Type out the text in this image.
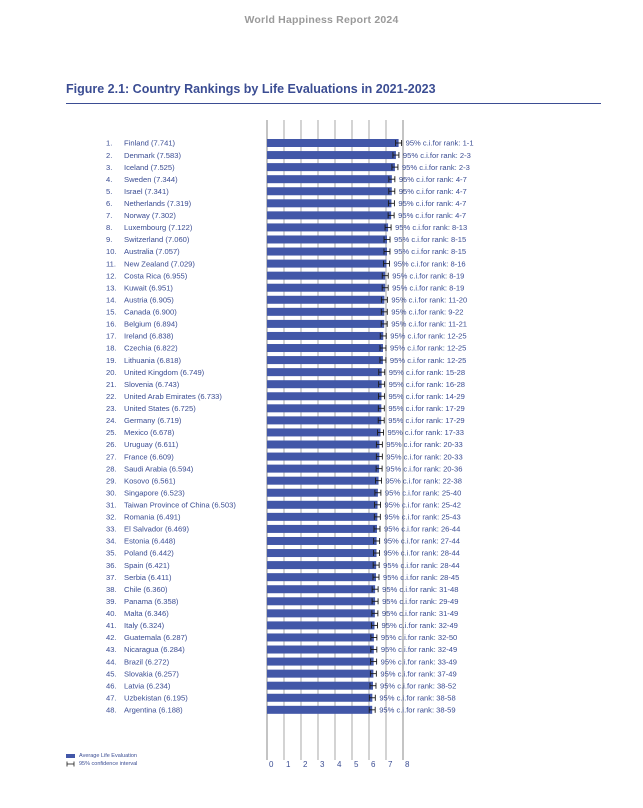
World Happiness Report 2024
Figure 2.1: Country Rankings by Life Evaluations in 2021-2023
0 1 2 3 4 5 6 7 8
1. Finland (7.741)	95% c.i.for rank: 1-1
2. Denmark (7.583)	95% c.i.for rank: 2-3
3. Iceland (7.525)	95% c.i.for rank: 2-3
4. Sweden (7.344)	95% c.i.for rank: 4-7
5. Israel (7.341)	95% c.i.for rank: 4-7
6. Netherlands (7.319)	95% c.i.for rank: 4-7
7. Norway (7.302)	95% c.i.for rank: 4-7
8. Luxembourg (7.122)	95% c.i.for rank: 8-13
9. Switzerland (7.060)	95% c.i.for rank: 8-15
10. Australia (7.057)	95% c.i.for rank: 8-15
11. New Zealand (7.029)	95% c.i.for rank: 8-16
12. Costa Rica (6.955)	95% c.i.for rank: 8-19
13. Kuwait (6.951)	95% c.i.for rank: 8-19
14. Austria (6.905)	95% c.i.for rank: 11-20
15. Canada (6.900)	95% c.i.for rank: 9-22
16. Belgium (6.894)	95% c.i.for rank: 11-21
17. Ireland (6.838)	95% c.i.for rank: 12-25
18. Czechia (6.822)	95% c.i.for rank: 12-25
19. Lithuania (6.818)	95% c.i.for rank: 12-25
20. United Kingdom (6.749)	95% c.i.for rank: 15-28
21. Slovenia (6.743)	95% c.i.for rank: 16-28
22. United Arab Emirates (6.733)	95% c.i.for rank: 14-29
23. United States (6.725)	95% c.i.for rank: 17-29
24. Germany (6.719)	95% c.i.for rank: 17-29
25. Mexico (6.678)	95% c.i.for rank: 17-33
26. Uruguay (6.611)	95% c.i.for rank: 20-33
27. France (6.609)	95% c.i.for rank: 20-33
28. Saudi Arabia (6.594)	95% c.i.for rank: 20-36
29. Kosovo (6.561)	95% c.i.for rank: 22-38
30. Singapore (6.523)	95% c.i.for rank: 25-40
31. Taiwan Province of China (6.503)	95% c.i.for rank: 25-42
32. Romania (6.491)	95% c.i.for rank: 25-43
33. El Salvador (6.469)	95% c.i.for rank: 26-44
34. Estonia (6.448)	95% c.i.for rank: 27-44
35. Poland (6.442)	95% c.i.for rank: 28-44
36. Spain (6.421)	95% c.i.for rank: 28-44
37. Serbia (6.411)	95% c.i.for rank: 28-45
38. Chile (6.360)	95% c.i.for rank: 31-48
39. Panama (6.358)	95% c.i.for rank: 29-49
40. Malta (6.346)	95% c.i.for rank: 31-49
41. Italy (6.324)	95% c.i.for rank: 32-49
42. Guatemala (6.287)	95% c.i.for rank: 32-50
43. Nicaragua (6.284)	95% c.i.for rank: 32-49
44. Brazil (6.272)	95% c.i.for rank: 33-49
45. Slovakia (6.257)	95% c.i.for rank: 37-49
46. Latvia (6.234)	95% c.i.for rank: 38-52
47. Uzbekistan (6.195)	95% c.i.for rank: 38-58
48. Argentina (6.188)	95% c.i.for rank: 38-59
Average Life Evaluation
95% confidence interval
